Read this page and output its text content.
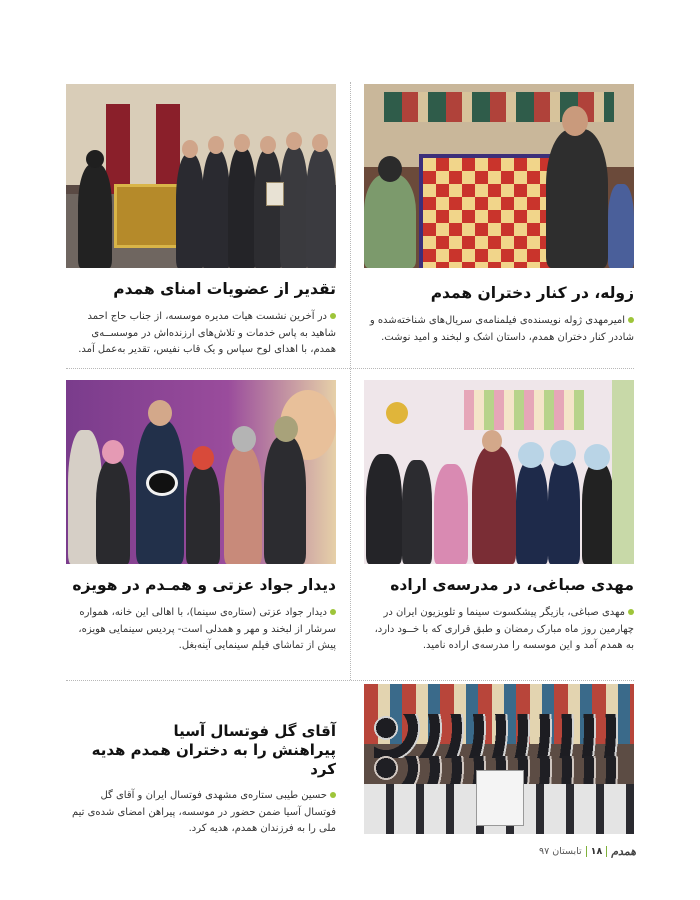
زوله، در کنار دختران همدم

امیرمهدی ژوله نویسنده‌ی فیلمنامه‌ی سریال‌های شناخته‌شده و شاددر کنار دختران همدم، داستان اشک و لبخند و امید نوشت.

تقدیر از عضویات امنای همدم

در آخرین نشست هیات مدیره موسسه، از جناب حاج احمد شاهید به پاس خدمات و تلاش‌های ارزنده‌اش در موسســه‌ی همدم، با اهدای لوح سپاس و یک قاب نفیس، تقدیر به‌عمل آمد.

مهدی صباغی، در مدرسه‌ی اراده

مهدی صباغی، بازیگر پیشکسوت سینما و تلویزیون ایران در چهارمین روز ماه مبارک رمضان و طبق قراری که با خــود دارد، به همدم آمد و این موسسه را مدرسه‌ی اراده نامید.

دیدار جواد عزتی و همـدم در هویزه

دیدار جواد عزتی (ستاره‌ی سینما)، با اهالی این خانه، همواره سرشار از لبخند و مهر و همدلی است- پردیس سینمایی هویزه، پیش از تماشای فیلم سینمایی آینه‌بغل.

آقای گل فوتسال آسیا
پیراهنش را به دختران همدم هدیه کرد

حسین طیبی ستاره‌ی مشهدی فوتسال ایران و آقای گل فوتسال آسیا ضمن حضور در موسسه، پیراهن امضای شده‌ی تیم ملی را به فرزندان همدم، هدیه کرد.

همدم
۱۸
تابستان ۹۷
